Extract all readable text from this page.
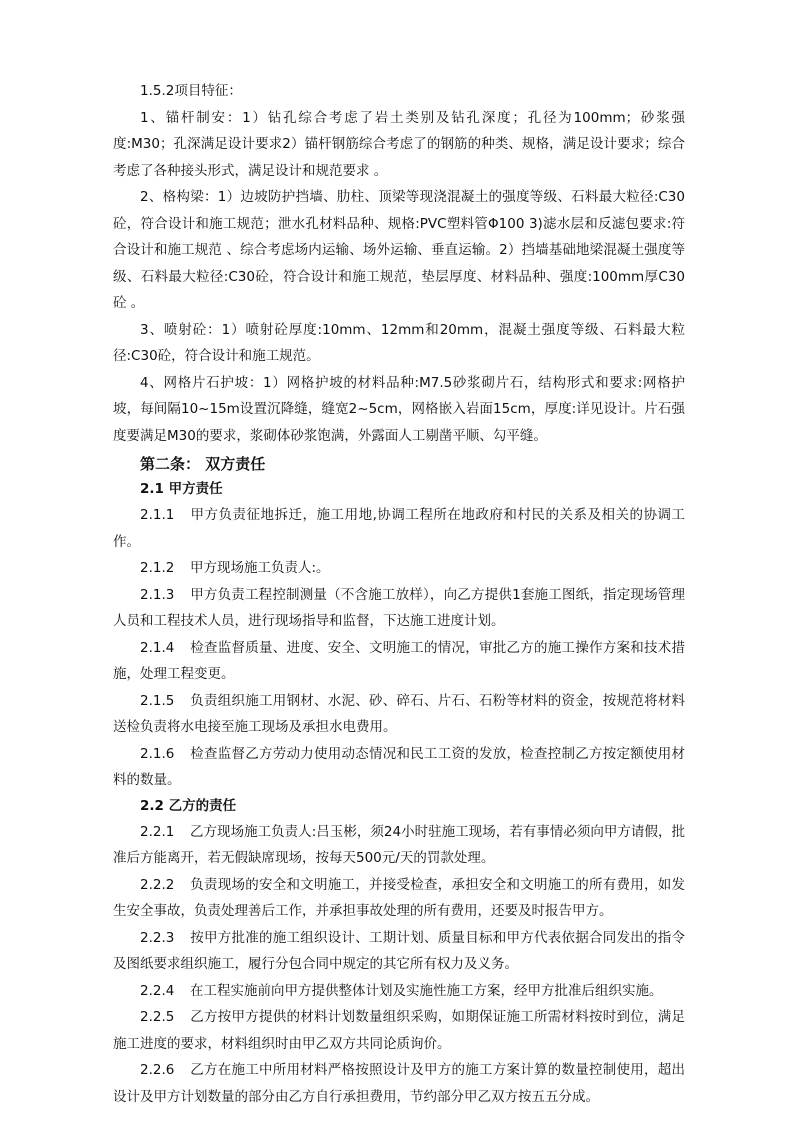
1.5.2项目特征：

1、锚杆制安：1）钻孔综合考虑了岩土类别及钻孔深度；孔径为100mm；砂浆强度:M30；孔深满足设计要求2）锚杆钢筋综合考虑了的钢筋的种类、规格，满足设计要求；综合考虑了各种接头形式，满足设计和规范要求 。

2、格构梁：1）边坡防护挡墙、肋柱、顶梁等现浇混凝土的强度等级、石料最大粒径:C30砼，符合设计和施工规范；泄水孔材料品种、规格:PVC塑料管Φ100 3)滤水层和反滤包要求:符合设计和施工规范 、综合考虑场内运输、场外运输、垂直运输。2）挡墙基础地梁混凝土强度等级、石料最大粒径:C30砼，符合设计和施工规范，垫层厚度、材料品种、强度:100mm厚C30砼 。

3、喷射砼：1）喷射砼厚度:10mm、12mm和20mm，混凝土强度等级、石料最大粒径:C30砼，符合设计和施工规范。

4、网格片石护坡：1）网格护坡的材料品种:M7.5砂浆砌片石，结构形式和要求:网格护坡，每间隔10~15m设置沉降缝，缝宽2~5cm，网格嵌入岩面15cm，厚度:详见设计。片石强度要满足M30的要求，浆砌体砂浆饱满，外露面人工剔凿平顺、勾平缝。

第二条： 双方责任

2.1 甲方责任

2.1.1 甲方负责征地拆迁，施工用地,协调工程所在地政府和村民的关系及相关的协调工作。

2.1.2 甲方现场施工负责人:。

2.1.3 甲方负责工程控制测量（不含施工放样），向乙方提供1套施工图纸，指定现场管理人员和工程技术人员，进行现场指导和监督，下达施工进度计划。

2.1.4 检查监督质量、进度、安全、文明施工的情况，审批乙方的施工操作方案和技术措施，处理工程变更。

2.1.5 负责组织施工用钢材、水泥、砂、碎石、片石、石粉等材料的资金，按规范将材料送检负责将水电接至施工现场及承担水电费用。

2.1.6 检查监督乙方劳动力使用动态情况和民工工资的发放，检查控制乙方按定额使用材料的数量。

2.2 乙方的责任

2.2.1 乙方现场施工负责人:吕玉彬，须24小时驻施工现场，若有事情必须向甲方请假，批准后方能离开，若无假缺席现场，按每天500元/天的罚款处理。

2.2.2 负责现场的安全和文明施工，并接受检查，承担安全和文明施工的所有费用，如发生安全事故，负责处理善后工作，并承担事故处理的所有费用，还要及时报告甲方。

2.2.3 按甲方批准的施工组织设计、工期计划、质量目标和甲方代表依据合同发出的指令及图纸要求组织施工，履行分包合同中规定的其它所有权力及义务。

2.2.4 在工程实施前向甲方提供整体计划及实施性施工方案，经甲方批准后组织实施。

2.2.5 乙方按甲方提供的材料计划数量组织采购，如期保证施工所需材料按时到位，满足施工进度的要求，材料组织时由甲乙双方共同论质询价。

2.2.6 乙方在施工中所用材料严格按照设计及甲方的施工方案计算的数量控制使用，超出设计及甲方计划数量的部分由乙方自行承担费用，节约部分甲乙双方按五五分成。
